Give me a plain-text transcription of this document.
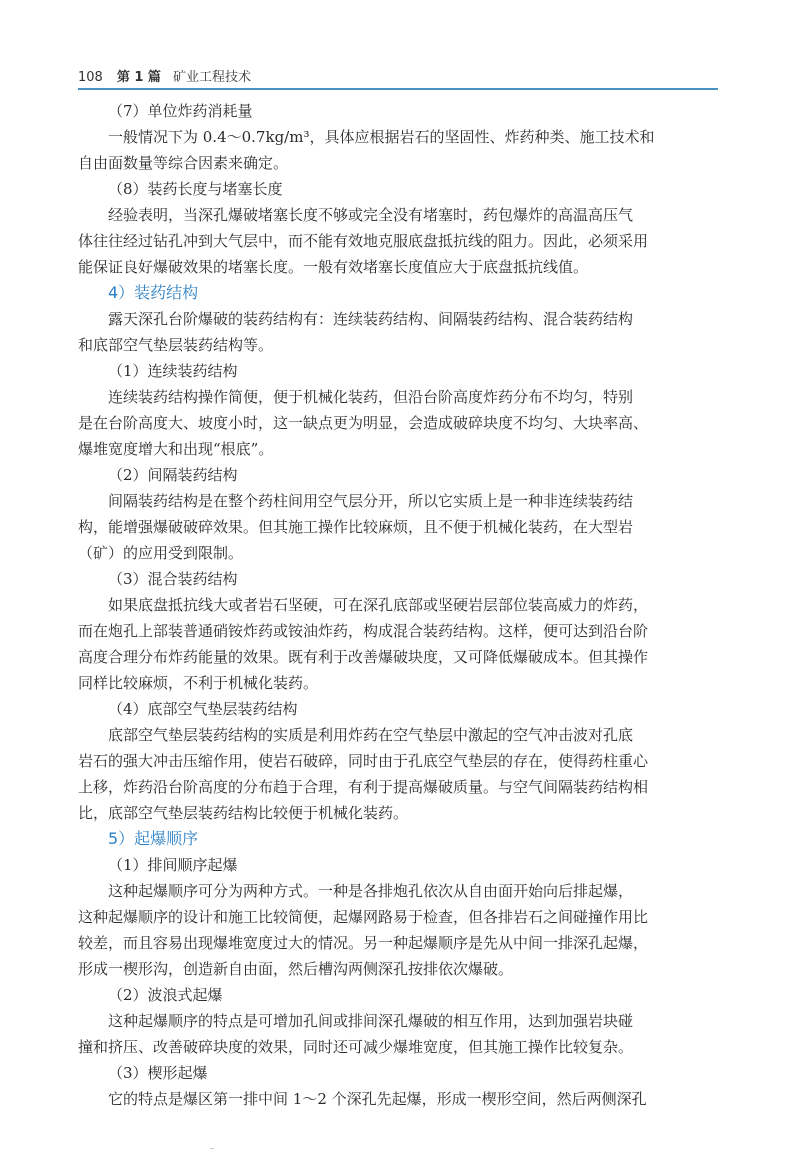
108 第 1 篇 矿业工程技术
（7）单位炸药消耗量
一般情况下为 0.4～0.7kg/m³，具体应根据岩石的坚固性、炸药种类、施工技术和
自由面数量等综合因素来确定。
（8）装药长度与堵塞长度
经验表明，当深孔爆破堵塞长度不够或完全没有堵塞时，药包爆炸的高温高压气
体往往经过钻孔冲到大气层中，而不能有效地克服底盘抵抗线的阻力。因此，必须采用
能保证良好爆破效果的堵塞长度。一般有效堵塞长度值应大于底盘抵抗线值。
4）装药结构
露天深孔台阶爆破的装药结构有：连续装药结构、间隔装药结构、混合装药结构
和底部空气垫层装药结构等。
（1）连续装药结构
连续装药结构操作简便，便于机械化装药，但沿台阶高度炸药分布不均匀，特别
是在台阶高度大、坡度小时，这一缺点更为明显，会造成破碎块度不均匀、大块率高、
爆堆宽度增大和出现“根底”。
（2）间隔装药结构
间隔装药结构是在整个药柱间用空气层分开，所以它实质上是一种非连续装药结
构，能增强爆破破碎效果。但其施工操作比较麻烦，且不便于机械化装药，在大型岩
（矿）的应用受到限制。
（3）混合装药结构
如果底盘抵抗线大或者岩石坚硬，可在深孔底部或坚硬岩层部位装高威力的炸药，
而在炮孔上部装普通硝铵炸药或铵油炸药，构成混合装药结构。这样，便可达到沿台阶
高度合理分布炸药能量的效果。既有利于改善爆破块度，又可降低爆破成本。但其操作
同样比较麻烦，不利于机械化装药。
（4）底部空气垫层装药结构
底部空气垫层装药结构的实质是利用炸药在空气垫层中激起的空气冲击波对孔底
岩石的强大冲击压缩作用，使岩石破碎，同时由于孔底空气垫层的存在，使得药柱重心
上移，炸药沿台阶高度的分布趋于合理，有利于提高爆破质量。与空气间隔装药结构相
比，底部空气垫层装药结构比较便于机械化装药。
5）起爆顺序
（1）排间顺序起爆
这种起爆顺序可分为两种方式。一种是各排炮孔依次从自由面开始向后排起爆，
这种起爆顺序的设计和施工比较简便，起爆网路易于检查，但各排岩石之间碰撞作用比
较差，而且容易出现爆堆宽度过大的情况。另一种起爆顺序是先从中间一排深孔起爆，
形成一楔形沟，创造新自由面，然后槽沟两侧深孔按排依次爆破。
（2）波浪式起爆
这种起爆顺序的特点是可增加孔间或排间深孔爆破的相互作用，达到加强岩块碰
撞和挤压、改善破碎块度的效果，同时还可减少爆堆宽度，但其施工操作比较复杂。
（3）楔形起爆
它的特点是爆区第一排中间 1～2 个深孔先起爆，形成一楔形空间，然后两侧深孔
